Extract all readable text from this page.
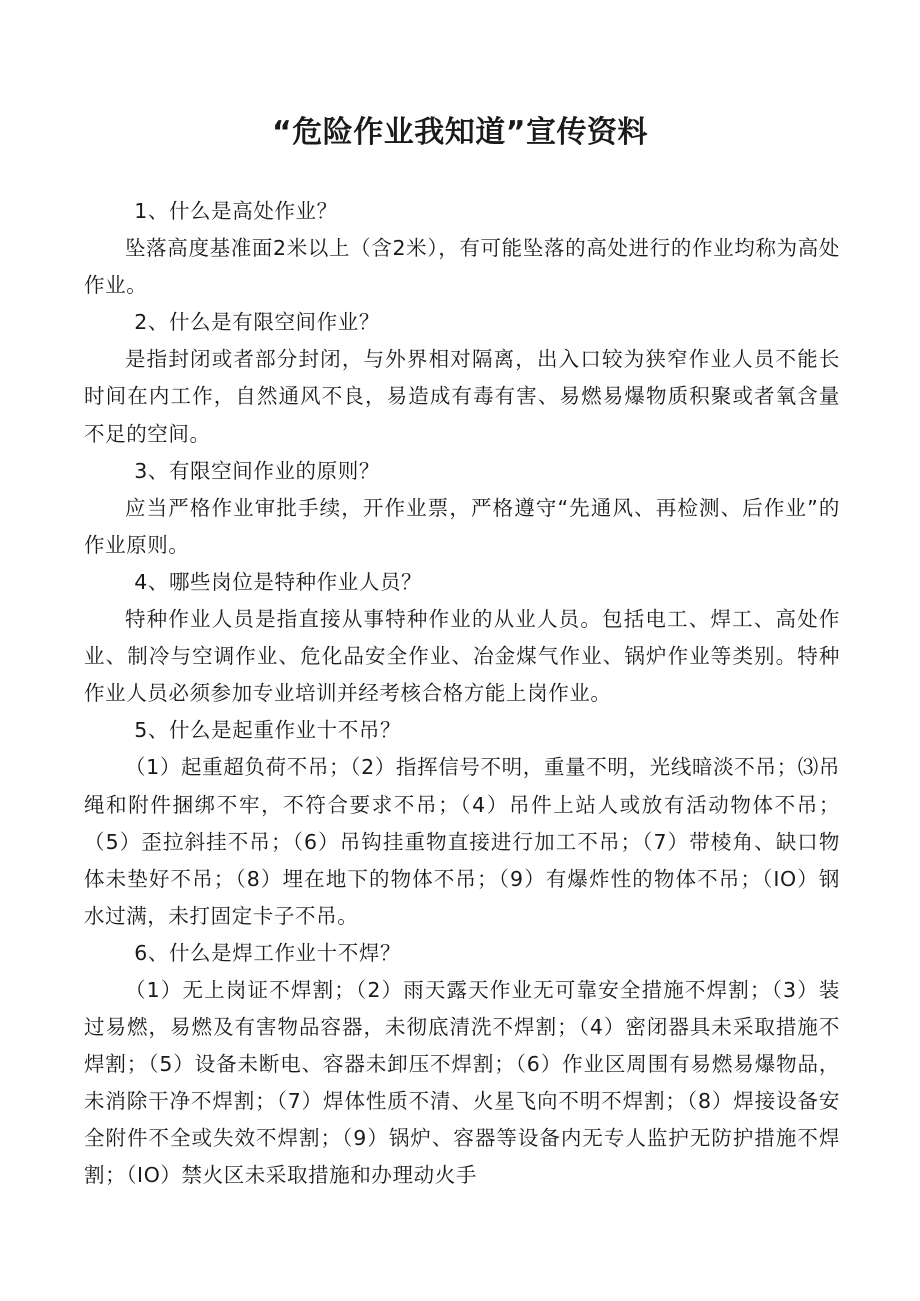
“危险作业我知道”宣传资料

1、什么是高处作业？

坠落高度基准面2米以上（含2米），有可能坠落的高处进行的作业均称为高处作业。

2、什么是有限空间作业？

是指封闭或者部分封闭，与外界相对隔离，出入口较为狭窄作业人员不能长时间在内工作，自然通风不良，易造成有毒有害、易燃易爆物质积聚或者氧含量不足的空间。

3、有限空间作业的原则？

应当严格作业审批手续，开作业票，严格遵守“先通风、再检测、后作业”的作业原则。

4、哪些岗位是特种作业人员？

特种作业人员是指直接从事特种作业的从业人员。包括电工、焊工、高处作业、制冷与空调作业、危化品安全作业、冶金煤气作业、锅炉作业等类别。特种作业人员必须参加专业培训并经考核合格方能上岗作业。

5、什么是起重作业十不吊？

（1）起重超负荷不吊；（2）指挥信号不明，重量不明，光线暗淡不吊；⑶吊绳和附件捆绑不牢，不符合要求不吊；（4）吊件上站人或放有活动物体不吊；（5）歪拉斜挂不吊；（6）吊钩挂重物直接进行加工不吊；（7）带棱角、缺口物体未垫好不吊；（8）埋在地下的物体不吊；（9）有爆炸性的物体不吊；（IO）钢水过满，未打固定卡子不吊。

6、什么是焊工作业十不焊？

（1）无上岗证不焊割；（2）雨天露天作业无可靠安全措施不焊割；（3）装过易燃，易燃及有害物品容器，未彻底清洗不焊割；（4）密闭器具未采取措施不焊割；（5）设备未断电、容器未卸压不焊割；（6）作业区周围有易燃易爆物品，未消除干净不焊割；（7）焊体性质不清、火星飞向不明不焊割；（8）焊接设备安全附件不全或失效不焊割；（9）锅炉、容器等设备内无专人监护无防护措施不焊割；（IO）禁火区未采取措施和办理动火手
